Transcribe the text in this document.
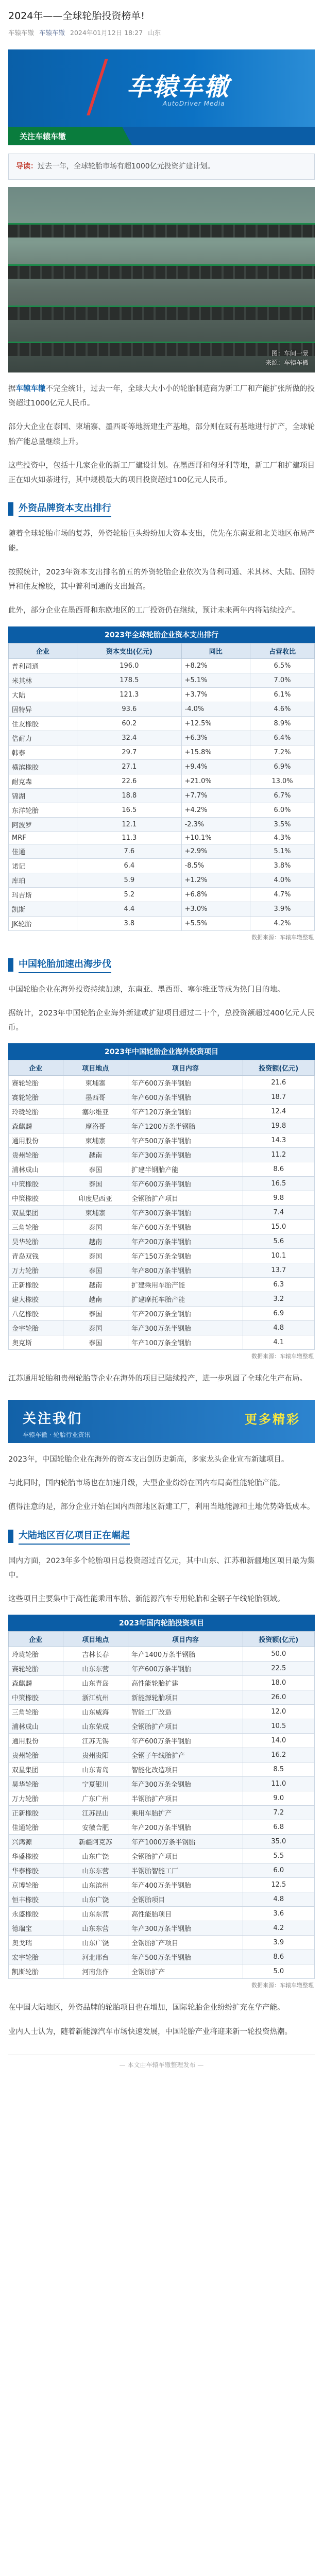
2024年——全球轮胎投资榜单!
车辕车辙 车辕车辙 2024年01月12日 18:27 山东
车辕车辙
AutoDriver Media
关注车辕车辙
导读：过去一年，全球轮胎市场有超1000亿元投资扩建计划。
图：车间一景
来源：车辕车辙

据车辕车辙不完全统计，过去一年，全球大大小小的轮胎制造商为新工厂和产能扩张所做的投资超过1000亿元人民币。

部分大企业在泰国、柬埔寨、墨西哥等地新建生产基地，部分则在既有基地进行扩产，全球轮胎产能总量继续上升。

这些投资中，包括十几家企业的新工厂建设计划。在墨西哥和匈牙利等地，新工厂和扩建项目正在如火如荼进行，其中规模最大的项目投资超过100亿元人民币。

外资品牌资本支出排行

随着全球轮胎市场的复苏，外资轮胎巨头纷纷加大资本支出，优先在东南亚和北美地区布局产能。

按照统计，2023年资本支出排名前五的外资轮胎企业依次为普利司通、米其林、大陆、固特异和住友橡胶，其中普利司通的支出最高。

此外，部分企业在墨西哥和东欧地区的工厂投资仍在继续，预计未来两年内将陆续投产。

2023年全球轮胎企业资本支出排行
企业	资本支出(亿元)	同比	占营收比
普利司通	196.0	+8.2%	6.5%
米其林	178.5	+5.1%	7.0%
大陆	121.3	+3.7%	6.1%
固特异	93.6	-4.0%	4.6%
住友橡胶	60.2	+12.5%	8.9%
倍耐力	32.4	+6.3%	6.4%
韩泰	29.7	+15.8%	7.2%
横滨橡胶	27.1	+9.4%	6.9%
耐克森	22.6	+21.0%	13.0%
锦湖	18.8	+7.7%	6.7%
东洋轮胎	16.5	+4.2%	6.0%
阿波罗	12.1	-2.3%	3.5%
MRF	11.3	+10.1%	4.3%
佳通	7.6	+2.9%	5.1%
诺记	6.4	-8.5%	3.8%
库珀	5.9	+1.2%	4.0%
玛吉斯	5.2	+6.8%	4.7%
凯斯	4.4	+3.0%	3.9%
JK轮胎	3.8	+5.5%	4.2%
数据来源：车辕车辙整理
中国轮胎加速出海步伐

中国轮胎企业在海外投资持续加速，东南亚、墨西哥、塞尔维亚等成为热门目的地。

据统计，2023年中国轮胎企业海外新建或扩建项目超过二十个，总投资额超过400亿元人民币。

2023年中国轮胎企业海外投资项目
企业	项目地点	项目内容	投资额(亿元)
赛轮轮胎	柬埔寨	年产600万条半钢胎	21.6
赛轮轮胎	墨西哥	年产600万条半钢胎	18.7
玲珑轮胎	塞尔维亚	年产120万条全钢胎	12.4
森麒麟	摩洛哥	年产1200万条半钢胎	19.8
通用股份	柬埔寨	年产500万条半钢胎	14.3
贵州轮胎	越南	年产300万条半钢胎	11.2
浦林成山	泰国	扩建半钢胎产能	8.6
中策橡胶	泰国	年产600万条半钢胎	16.5
中策橡胶	印度尼西亚	全钢胎扩产项目	9.8
双星集团	柬埔寨	年产300万条半钢胎	7.4
三角轮胎	泰国	年产600万条半钢胎	15.0
昊华轮胎	越南	年产200万条半钢胎	5.6
青岛双钱	泰国	年产150万条全钢胎	10.1
万力轮胎	泰国	年产800万条半钢胎	13.7
正新橡胶	越南	扩建乘用车胎产能	6.3
建大橡胶	越南	扩建摩托车胎产能	3.2
八亿橡胶	泰国	年产200万条全钢胎	6.9
金宇轮胎	泰国	年产300万条半钢胎	4.8
奥克斯	泰国	年产100万条全钢胎	4.1
数据来源：车辕车辙整理

江苏通用轮胎和贵州轮胎等企业在海外的项目已陆续投产，进一步巩固了全球化生产布局。

关注我们	更多精彩
车辕车辙 · 轮胎行业资讯

2023年，中国轮胎企业在海外的资本支出创历史新高，多家龙头企业宣布新建项目。

与此同时，国内轮胎市场也在加速升级，大型企业纷纷在国内布局高性能轮胎产能。

值得注意的是，部分企业开始在国内西部地区新建工厂，利用当地能源和土地优势降低成本。

大陆地区百亿项目正在崛起

国内方面，2023年多个轮胎项目总投资超过百亿元，其中山东、江苏和新疆地区项目最为集中。

这些项目主要集中于高性能乘用车胎、新能源汽车专用轮胎和全钢子午线轮胎领域。

2023年国内轮胎投资项目
企业	项目地点	项目内容	投资额(亿元)
玲珑轮胎	吉林长春	年产1400万条半钢胎	50.0
赛轮轮胎	山东东营	年产600万条半钢胎	22.5
森麒麟	山东青岛	高性能轮胎扩建	18.0
中策橡胶	浙江杭州	新能源轮胎项目	26.0
三角轮胎	山东威海	智能工厂改造	12.0
浦林成山	山东荣成	全钢胎扩产项目	10.5
通用股份	江苏无锡	年产600万条半钢胎	14.0
贵州轮胎	贵州贵阳	全钢子午线胎扩产	16.2
双星集团	山东青岛	智能化改造项目	8.5
昊华轮胎	宁夏银川	年产300万条全钢胎	11.0
万力轮胎	广东广州	半钢胎扩产项目	9.0
正新橡胶	江苏昆山	乘用车胎扩产	7.2
佳通轮胎	安徽合肥	年产200万条半钢胎	6.8
兴鸿源	新疆阿克苏	年产1000万条半钢胎	35.0
华盛橡胶	山东广饶	全钢胎扩产项目	5.5
华泰橡胶	山东东营	半钢胎智能工厂	6.0
京博轮胎	山东滨州	年产400万条半钢胎	12.5
恒丰橡胶	山东广饶	全钢胎项目	4.8
永盛橡胶	山东东营	高性能胎项目	3.6
德瑞宝	山东东营	年产300万条半钢胎	4.2
奥戈瑞	山东广饶	全钢胎扩产项目	3.9
宏宇轮胎	河北邢台	年产500万条半钢胎	8.6
凯斯轮胎	河南焦作	全钢胎扩产	5.0
数据来源：车辕车辙整理

在中国大陆地区，外资品牌的轮胎项目也在增加，国际轮胎企业纷纷扩充在华产能。

业内人士认为，随着新能源汽车市场快速发展，中国轮胎产业将迎来新一轮投资热潮。

— 本文由车辕车辙整理发布 —
